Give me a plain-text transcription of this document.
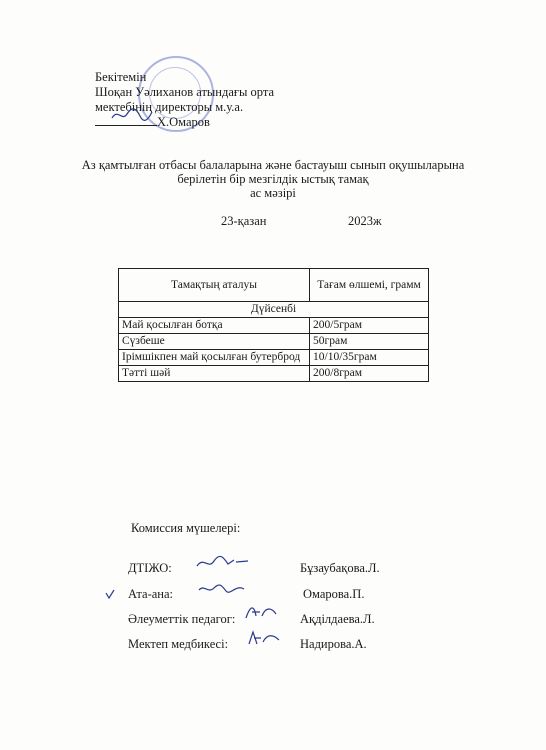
Бекітемін
Шоқан Уәлиханов атындағы орта
мектебінің директоры м.у.а.
Х.Омаров
Аз қамтылған отбасы балаларына және бастауыш сынып оқушыларына
берілетін бір мезгілдік ыстық тамақ
ас мәзірі
23-қазан	2023ж
Тамақтың аталуы	Тағам өлшемі, грамм
Дүйсенбі	
Май қосылған ботқа	200/5грам
Сүзбеше	50грам
Ірімшікпен май қосылған бутерброд	10/10/35грам
Тәтті шәй	200/8грам
Комиссия мүшелері:
ДТІЖО:	Бұзаубақова.Л.
Ата-ана:	Омарова.П.
Әлеуметтік педагог:	Ақділдаева.Л.
Мектеп медбикесі:	Надирова.А.
